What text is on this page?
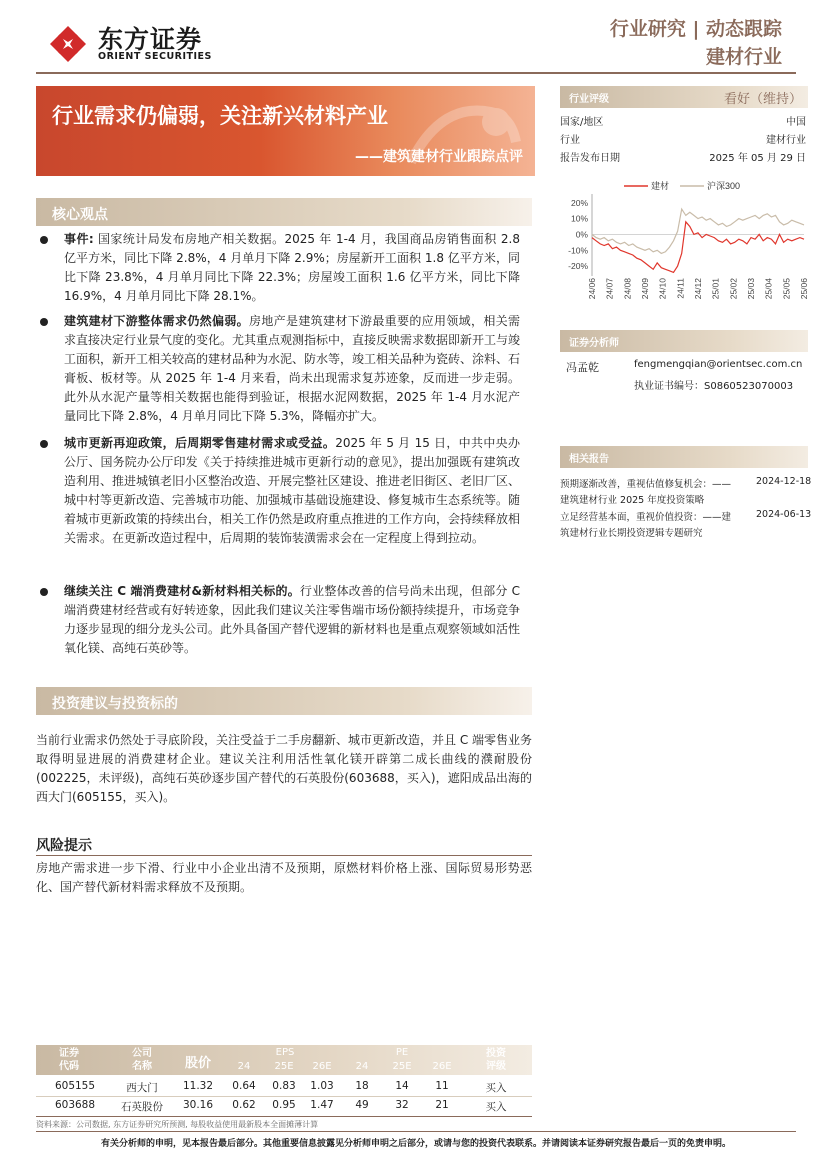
东方证券
ORIENT SECURITIES
行业研究 | 动态跟踪
建材行业
行业需求仍偏弱，关注新兴材料产业
——建筑建材行业跟踪点评
行业评级	看好（维持）
国家/地区	中国
行业	建材行业
报告发布日期	2025 年 05 月 29 日
建材	沪深300
20%
10%
0%
-10%
-20%
24/06 24/07 24/08 24/09 24/10 24/11 24/12 25/01 25/02 25/03 25/04 25/05 25/06
证券分析师
冯孟乾	fengmengqian@orientsec.com.cn
执业证书编号：S0860523070003
相关报告
预期逐渐改善，重视估值修复机会：——	2024-12-18
建筑建材行业 2025 年度投资策略
立足经营基本面，重视价值投资：——建	2024-06-13
筑建材行业长期投资逻辑专题研究
核心观点
事件: 国家统计局发布房地产相关数据。2025 年 1-4 月，我国商品房销售面积 2.8 亿平方米，同比下降 2.8%，4 月单月下降 2.9%；房屋新开工面积 1.8 亿平方米，同比下降 23.8%，4 月单月同比下降 22.3%；房屋竣工面积 1.6 亿平方米，同比下降 16.9%，4 月单月同比下降 28.1%。
建筑建材下游整体需求仍然偏弱。房地产是建筑建材下游最重要的应用领域，相关需求直接决定行业景气度的变化。尤其重点观测指标中，直接反映需求数据即新开工与竣工面积，新开工相关较高的建材品种为水泥、防水等，竣工相关品种为瓷砖、涂料、石膏板、板材等。从 2025 年 1-4 月来看，尚未出现需求复苏迹象，反而进一步走弱。此外从水泥产量等相关数据也能得到验证，根据水泥网数据，2025 年 1-4 月水泥产量同比下降 2.8%，4 月单月同比下降 5.3%，降幅亦扩大。
城市更新再迎政策，后周期零售建材需求或受益。2025 年 5 月 15 日，中共中央办公厅、国务院办公厅印发《关于持续推进城市更新行动的意见》，提出加强既有建筑改造利用、推进城镇老旧小区整治改造、开展完整社区建设、推进老旧街区、老旧厂区、城中村等更新改造、完善城市功能、加强城市基础设施建设、修复城市生态系统等。随着城市更新政策的持续出台，相关工作仍然是政府重点推进的工作方向，会持续释放相关需求。在更新改造过程中，后周期的装饰装潢需求会在一定程度上得到拉动。
继续关注 C 端消费建材&新材料相关标的。行业整体改善的信号尚未出现，但部分 C 端消费建材经营或有好转迹象，因此我们建议关注零售端市场份额持续提升，市场竞争力逐步显现的细分龙头公司。此外具备国产替代逻辑的新材料也是重点观察领域如活性氧化镁、高纯石英砂等。
投资建议与投资标的
当前行业需求仍然处于寻底阶段，关注受益于二手房翻新、城市更新改造，并且 C 端零售业务取得明显进展的消费建材企业。建议关注利用活性氧化镁开辟第二成长曲线的濮耐股份(002225，未评级)，高纯石英砂逐步国产替代的石英股份(603688，买入)，遮阳成品出海的西大门(605155，买入)。
风险提示
房地产需求进一步下滑、行业中小企业出清不及预期，原燃材料价格上涨、国际贸易形势恶化、国产替代新材料需求释放不及预期。
证券
代码
公司
名称	股价
EPS
24	25E	26E
PE
24	25E	26E
投资
评级
605155	西大门	11.32	0.64	0.83	1.03	18	14	11	买入
603688	石英股份	30.16	0.62	0.95	1.47	49	32	21	买入
资料来源：公司数据, 东方证券研究所预测, 每股收益使用最新股本全面摊薄计算
有关分析师的申明，见本报告最后部分。其他重要信息披露见分析师申明之后部分，或请与您的投资代表联系。并请阅读本证券研究报告最后一页的免责申明。
